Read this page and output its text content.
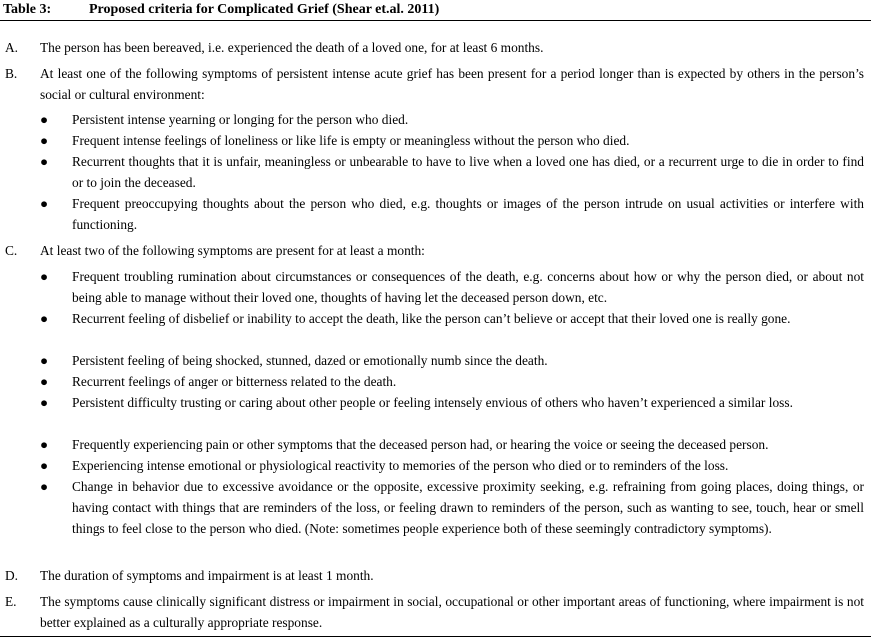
Table 3:	Proposed criteria for Complicated Grief (Shear et.al. 2011)
A. The person has been bereaved, i.e. experienced the death of a loved one, for at least 6 months.
B. At least one of the following symptoms of persistent intense acute grief has been present for a period longer than is expected by others in the person’s social or cultural environment:
● Persistent intense yearning or longing for the person who died.
● Frequent intense feelings of loneliness or like life is empty or meaningless without the person who died.
● Recurrent thoughts that it is unfair, meaningless or unbearable to have to live when a loved one has died, or a recurrent urge to die in order to find or to join the deceased.
● Frequent preoccupying thoughts about the person who died, e.g. thoughts or images of the person intrude on usual activities or interfere with functioning.
C. At least two of the following symptoms are present for at least a month:
● Frequent troubling rumination about circumstances or consequences of the death, e.g. concerns about how or why the person died, or about not being able to manage without their loved one, thoughts of having let the deceased person down, etc.
● Recurrent feeling of disbelief or inability to accept the death, like the person can’t believe or accept that their loved one is really gone.
● Persistent feeling of being shocked, stunned, dazed or emotionally numb since the death.
● Recurrent feelings of anger or bitterness related to the death.
● Persistent difficulty trusting or caring about other people or feeling intensely envious of others who haven’t experienced a similar loss.
● Frequently experiencing pain or other symptoms that the deceased person had, or hearing the voice or seeing the deceased person.
● Experiencing intense emotional or physiological reactivity to memories of the person who died or to reminders of the loss.
● Change in behavior due to excessive avoidance or the opposite, excessive proximity seeking, e.g. refraining from going places, doing things, or having contact with things that are reminders of the loss, or feeling drawn to reminders of the person, such as wanting to see, touch, hear or smell things to feel close to the person who died. (Note: sometimes people experience both of these seemingly contradictory symptoms).
D. The duration of symptoms and impairment is at least 1 month.
E. The symptoms cause clinically significant distress or impairment in social, occupational or other important areas of functioning, where impairment is not better explained as a culturally appropriate response.
